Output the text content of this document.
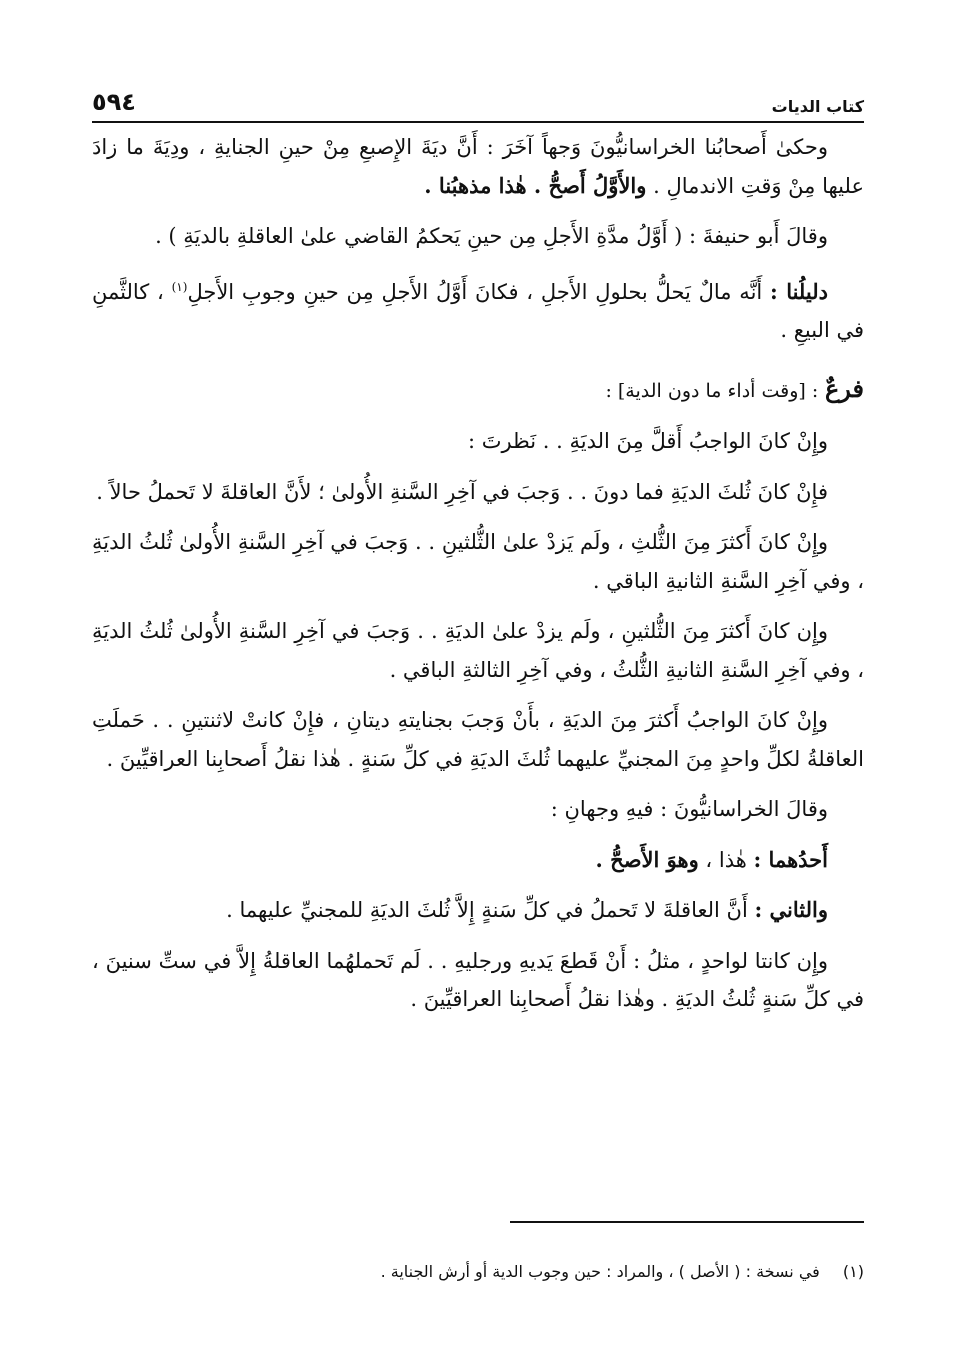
كتاب الديات
٥٩٤

وحكىٰ أَصحابُنا الخراسانيُّونَ وَجهاً آخَرَ : أَنَّ ديَةَ الإِصبعِ مِنْ حينِ الجنايةِ ، ودِيَةَ ما زادَ عليها مِنْ وَقتِ الاندمالِ . والأَوَّلُ أَصحُّ . هٰذا مذهبُنا .

وقالَ أَبو حنيفةَ : ( أَوَّلُ مدَّةِ الأَجلِ مِن حينِ يَحكمُ القاضي علىٰ العاقلةِ بالديَةِ ) .

دليلُنا : أَنَّه مالٌ يَحلُّ بحلولِ الأَجلِ ، فكانَ أَوَّلُ الأَجلِ مِن حينِ وجوبِ الأَجلِ$^{(١)}$ ، كالثَّمنِ في البيعِ .

فرعٌ : [وقت أداء ما دون الدية] :

وإِنْ كانَ الواجبُ أَقلَّ مِنَ الديَةِ . . نَظرتَ :

فإِنْ كانَ ثُلثَ الديَةِ فما دونَ . . وَجبَ في آخِرِ السَّنةِ الأُولىٰ ؛ لأَنَّ العاقلةَ لا تَحملُ حالاً .

وإِنْ كانَ أَكثرَ مِنَ الثُّلثِ ، ولَم يَزدْ علىٰ الثُّلثينِ . . وَجبَ في آخِرِ السَّنةِ الأُولىٰ ثُلثُ الديَةِ ، وفي آخِرِ السَّنةِ الثانيةِ الباقي .

وإِن كانَ أَكثرَ مِنَ الثُّلثينِ ، ولَم يزدْ علىٰ الديَةِ . . وَجبَ في آخِرِ السَّنةِ الأُولىٰ ثُلثُ الديَةِ ، وفي آخِرِ السَّنةِ الثانيةِ الثُّلثُ ، وفي آخِرِ الثالثةِ الباقي .

وإِنْ كانَ الواجبُ أَكثرَ مِنَ الديَةِ ، بأَنْ وَجبَ بجنايتهِ ديتانِ ، فإِنْ كانتْ لاثنتينِ . . حَملَتِ العاقلةُ لكلِّ واحدٍ مِنَ المجنيِّ عليهما ثُلثَ الديَةِ في كلِّ سَنةٍ . هٰذا نقلُ أَصحابِنا العراقيِّينَ .

وقالَ الخراسانيُّونَ : فيهِ وجهانِ :

أَحدُهما : هٰذا ، وهوَ الأَصحُّ .

والثاني : أَنَّ العاقلةَ لا تَحملُ في كلِّ سَنةٍ إِلاَّ ثُلثَ الديَةِ للمجنيِّ عليهما .

وإِن كانتا لواحدٍ ، مثلُ : أَنْ قَطعَ يَديهِ ورجليهِ . . لَم تَحملهُما العاقلةُ إِلاَّ في ستِّ سنينَ ، في كلِّ سَنةٍ ثُلثُ الديَةِ . وهٰذا نقلُ أَصحابِنا العراقيِّينَ .

(١) في نسخة : ( الأصل ) ، والمراد : حين وجوب الدية أو أرش الجناية .
